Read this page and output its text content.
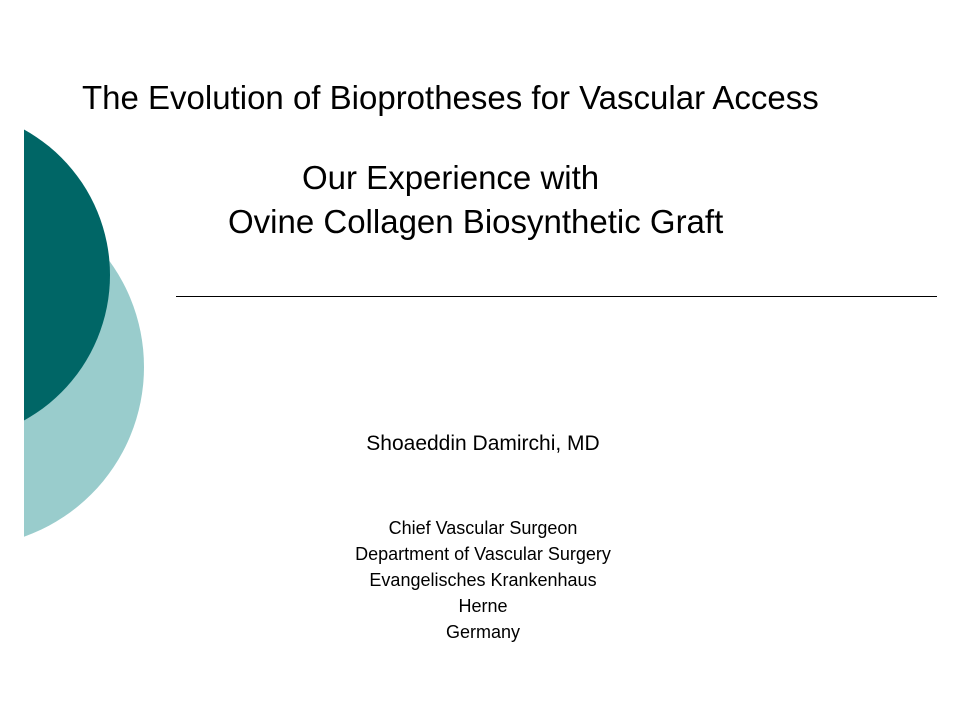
The Evolution of Bioprotheses for Vascular Access
Our Experience with
Ovine Collagen Biosynthetic Graft
Shoaeddin Damirchi, MD
Chief Vascular Surgeon
Department of Vascular Surgery
Evangelisches Krankenhaus
Herne
Germany
